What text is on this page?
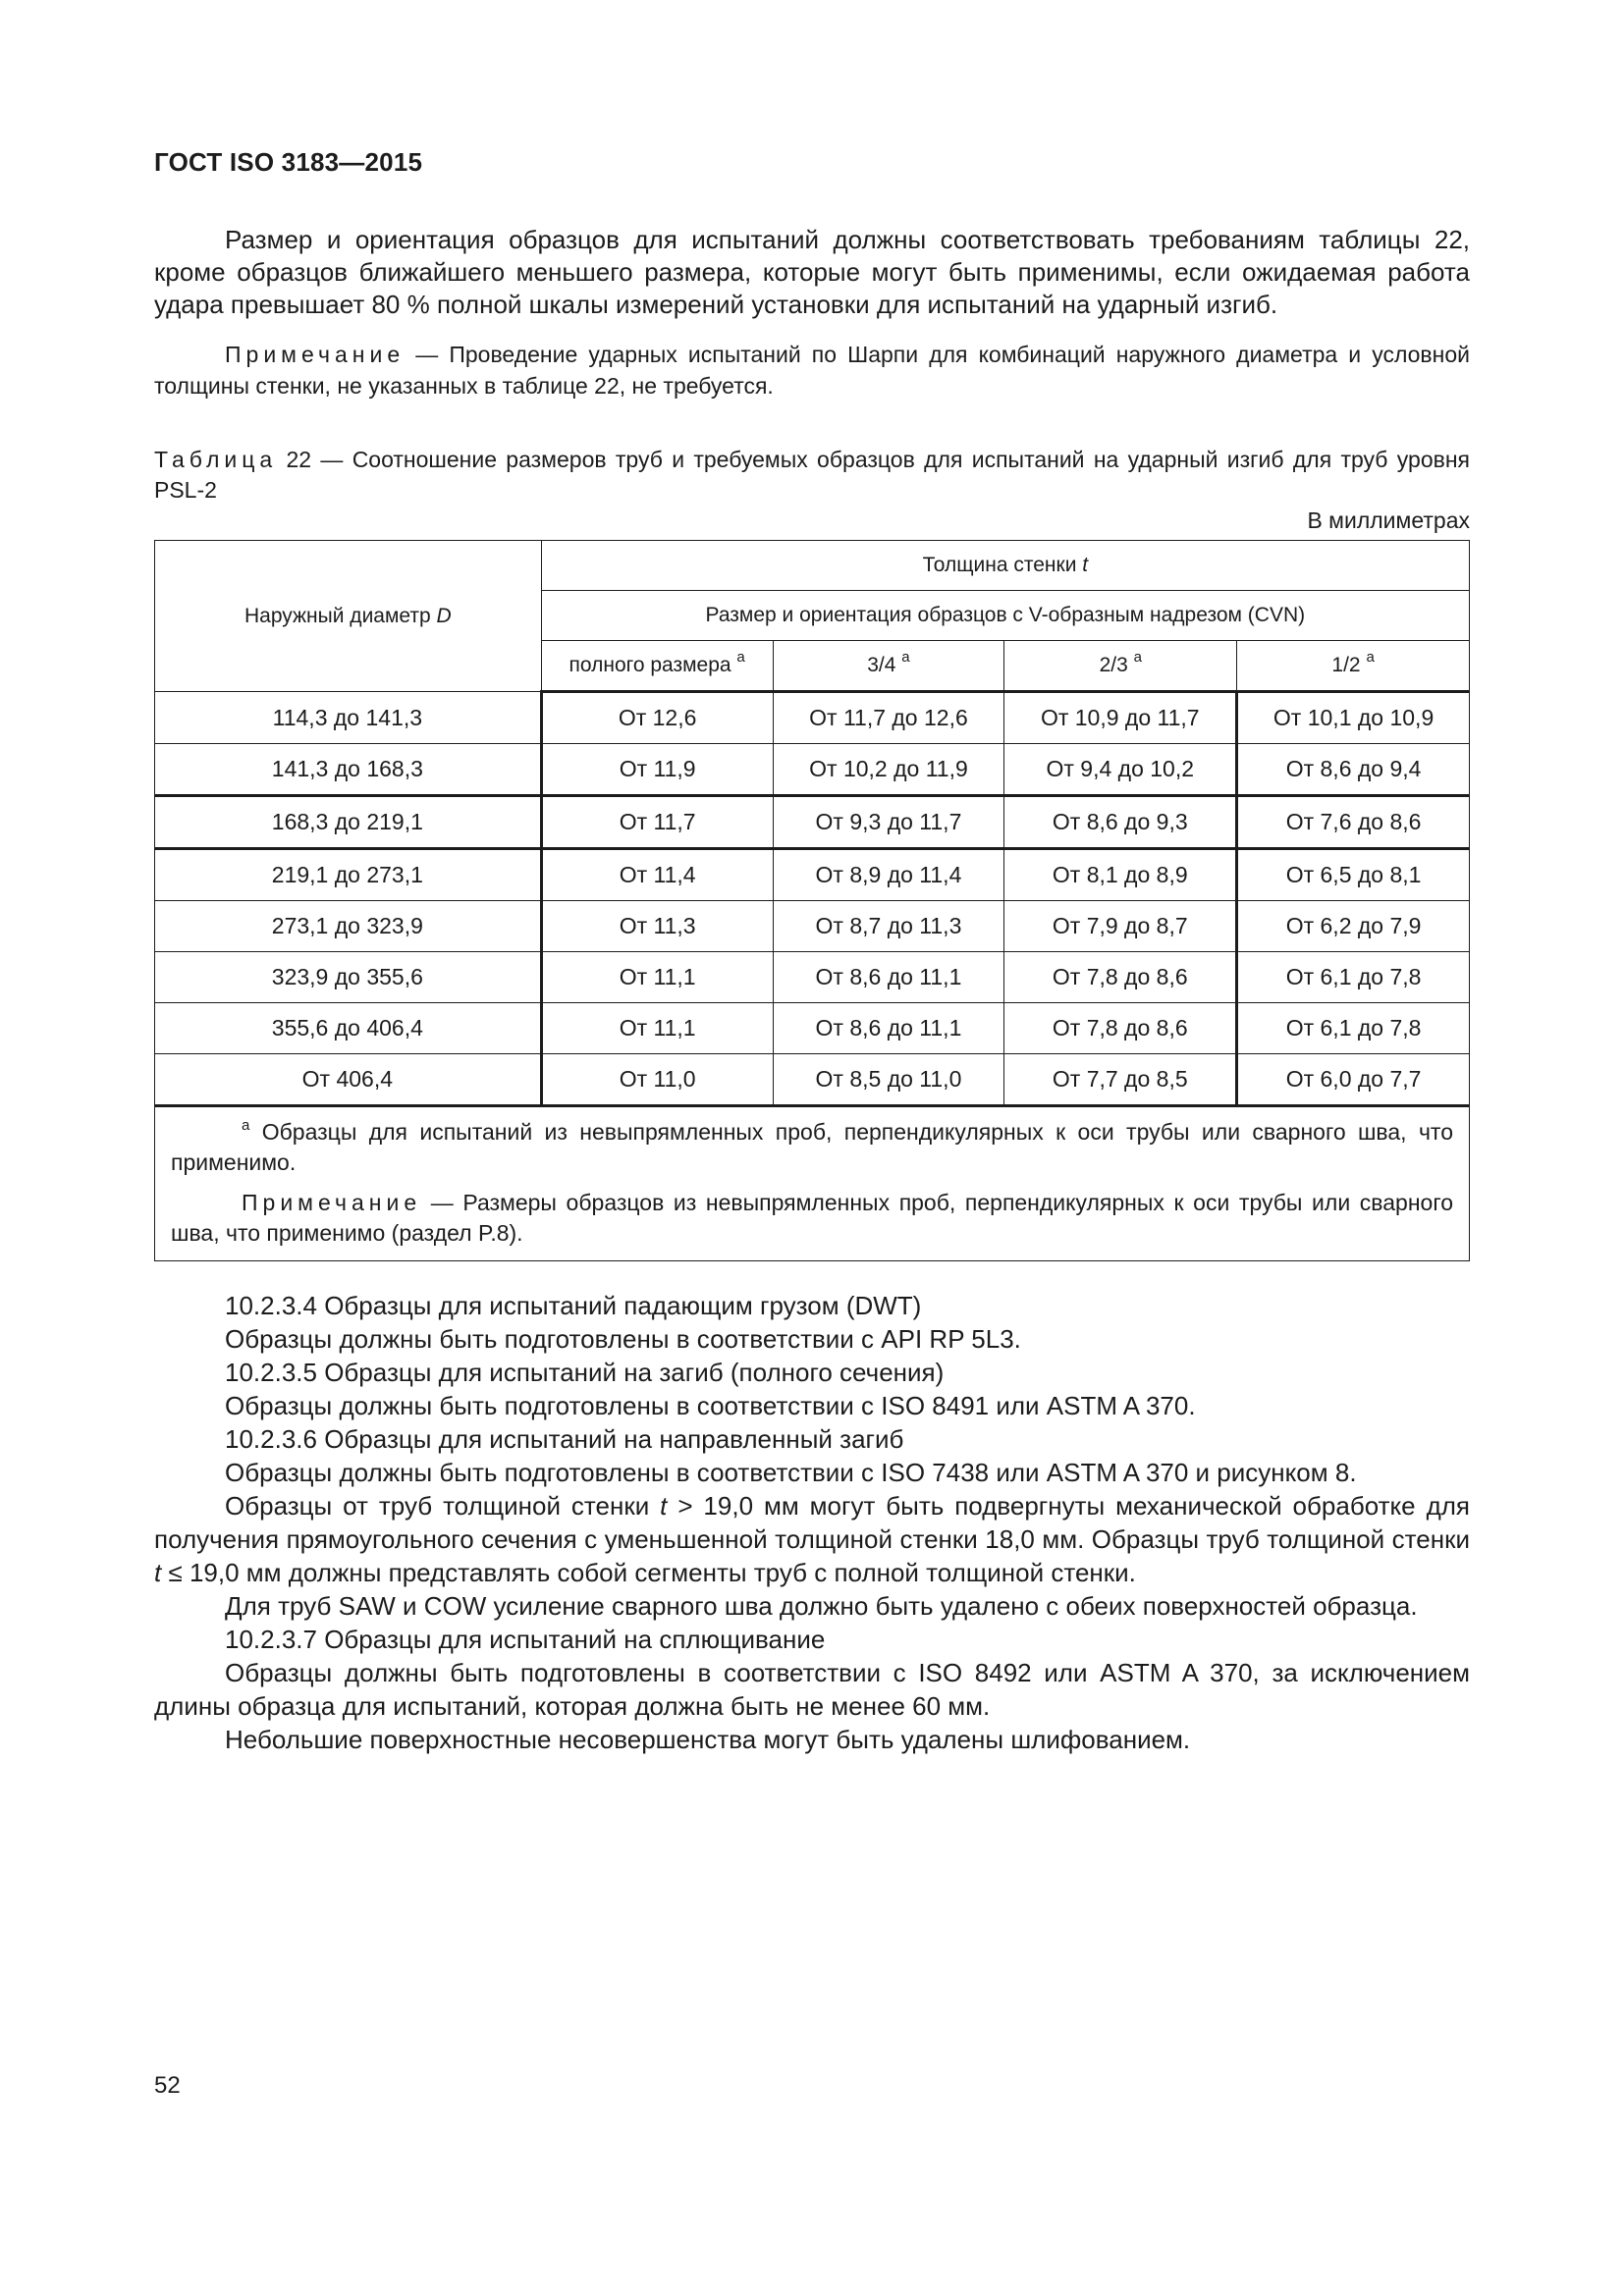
ГОСТ ISO 3183—2015

Размер и ориентация образцов для испытаний должны соответствовать требованиям таблицы 22, кроме образцов ближайшего меньшего размера, которые могут быть применимы, если ожидаемая работа удара превышает 80 % полной шкалы измерений установки для испытаний на ударный изгиб.

Примечание — Проведение ударных испытаний по Шарпи для комбинаций наружного диаметра и условной толщины стенки, не указанных в таблице 22, не требуется.

Таблица 22 — Соотношение размеров труб и требуемых образцов для испытаний на ударный изгиб для труб уровня PSL-2

В миллиметрах
Наружный диаметр D	Толщина стенки t			
	Размер и ориентация образцов с V-образным надрезом (CVN)			
	полного размера $^a$	3/4 $^a$	2/3 $^a$	1/2 $^a$
114,3 до 141,3	От 12,6	От 11,7 до 12,6	От 10,9 до 11,7	От 10,1 до 10,9
141,3 до 168,3	От 11,9	От 10,2 до 11,9	От 9,4 до 10,2	От 8,6 до 9,4
168,3 до 219,1	От 11,7	От 9,3 до 11,7	От 8,6 до 9,3	От 7,6 до 8,6
219,1 до 273,1	От 11,4	От 8,9 до 11,4	От 8,1 до 8,9	От 6,5 до 8,1
273,1 до 323,9	От 11,3	От 8,7 до 11,3	От 7,9 до 8,7	От 6,2 до 7,9
323,9 до 355,6	От 11,1	От 8,6 до 11,1	От 7,8 до 8,6	От 6,1 до 7,8
355,6 до 406,4	От 11,1	От 8,6 до 11,1	От 7,8 до 8,6	От 6,1 до 7,8
От 406,4	От 11,0	От 8,5 до 11,0	От 7,7 до 8,5	От 6,0 до 7,7

$^a$ Образцы для испытаний из невыпрямленных проб, перпендикулярных к оси трубы или сварного шва, что применимо.

Примечание — Размеры образцов из невыпрямленных проб, перпендикулярных к оси трубы или сварного шва, что применимо (раздел P.8).				

10.2.3.4 Образцы для испытаний падающим грузом (DWT)

Образцы должны быть подготовлены в соответствии с API RP 5L3.

10.2.3.5 Образцы для испытаний на загиб (полного сечения)

Образцы должны быть подготовлены в соответствии с ISO 8491 или ASTM A 370.

10.2.3.6 Образцы для испытаний на направленный загиб

Образцы должны быть подготовлены в соответствии с ISO 7438 или ASTM A 370 и рисунком 8.

Образцы от труб толщиной стенки t > 19,0 мм могут быть подвергнуты механической обработке для получения прямоугольного сечения с уменьшенной толщиной стенки 18,0 мм. Образцы труб толщиной стенки t ≤ 19,0 мм должны представлять собой сегменты труб с полной толщиной стенки.

Для труб SAW и COW усиление сварного шва должно быть удалено с обеих поверхностей образца.

10.2.3.7 Образцы для испытаний на сплющивание

Образцы должны быть подготовлены в соответствии с ISO 8492 или ASTM A 370, за исключением длины образца для испытаний, которая должна быть не менее 60 мм.

Небольшие поверхностные несовершенства могут быть удалены шлифованием.

52
